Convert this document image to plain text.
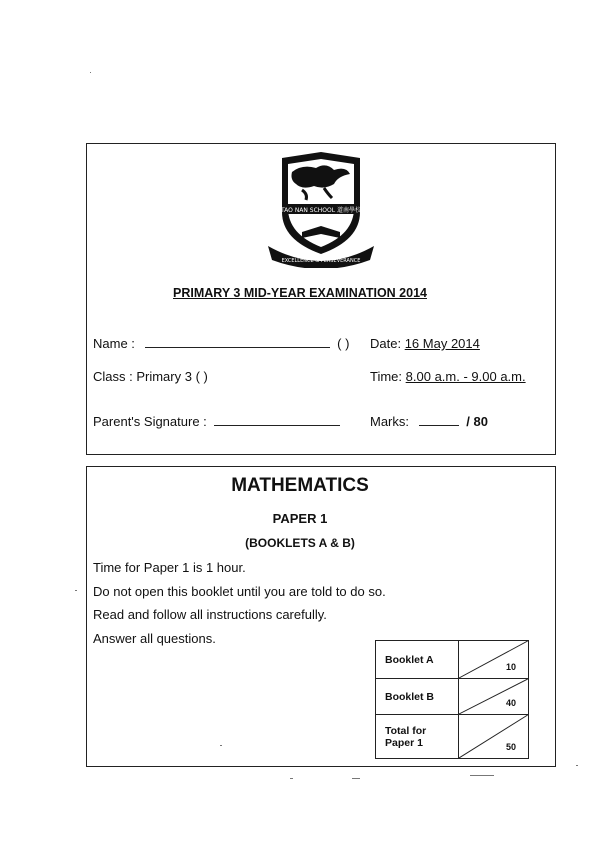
TAO NAN SCHOOL 道南學校
EXCELLENCE & PERSEVERANCE
PRIMARY 3 MID-YEAR EXAMINATION 2014
Name :	( ) Date: 16 May 2014
Class : Primary 3 ( )	Time: 8.00 a.m. - 9.00 a.m.
Parent's Signature :	Marks:	/ 80
MATHEMATICS
PAPER 1
(BOOKLETS A & B)
Time for Paper 1 is 1 hour.
Do not open this booklet until you are told to do so.
Read and follow all instructions carefully.
Answer all questions.
Booklet A	10

Booklet B	40

Total for
Paper 1	50
